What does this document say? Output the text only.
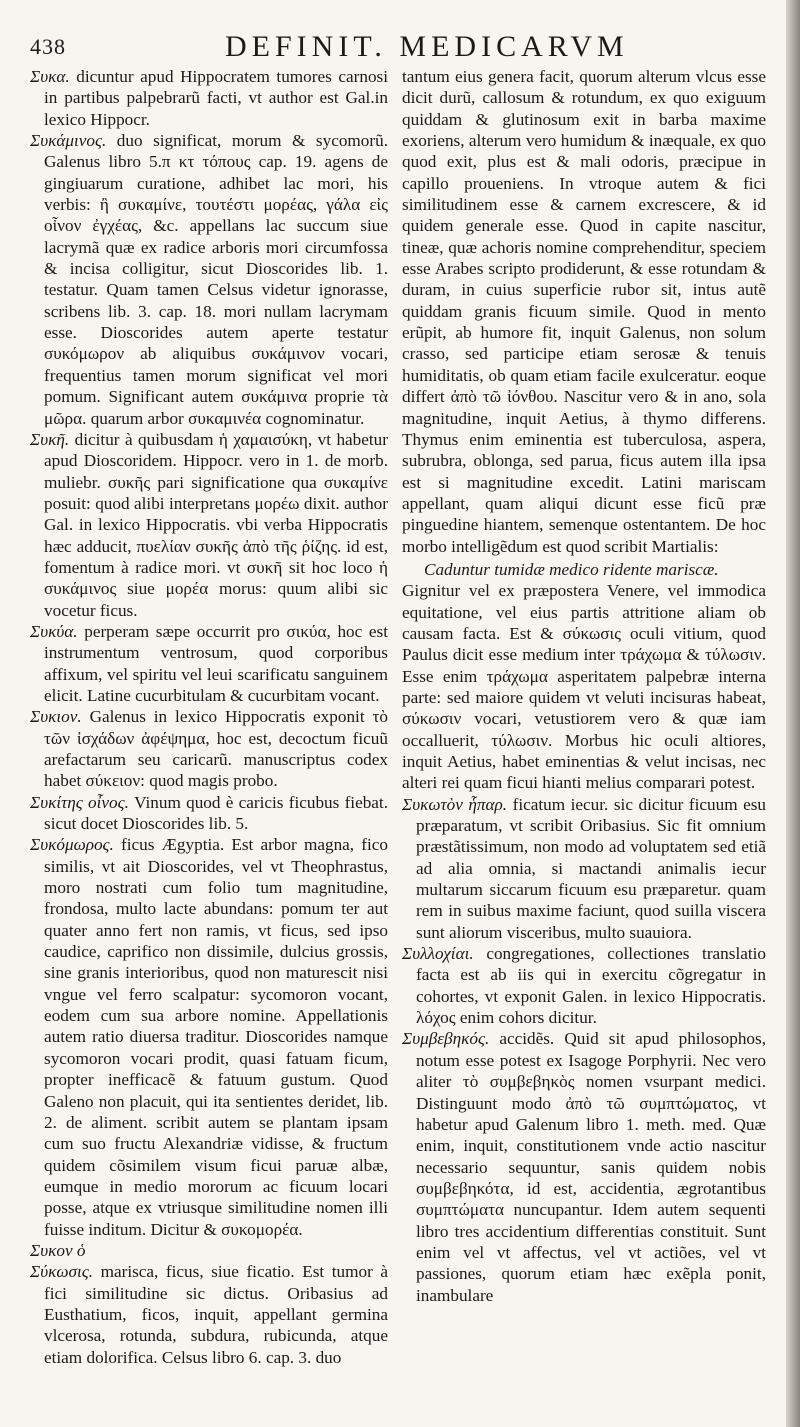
438	DEFINIT. MEDICARVM

Συκα. dicuntur apud Hippocratem tumores carnosi in partibus palpebrarũ facti, vt author est Gal.in lexico Hippocr.

Συκάμινος. duo significat, morum & sycomorũ. Galenus libro 5.π κτ τόπους cap. 19. agens de gingiuarum curatione, adhibet lac mori, his verbis: ἢ συκαμίνε, τουτέστι μορέας, γάλα εἰς οἶνον ἐγχέας, &c. appellans lac succum siue lacrymã quæ ex radice arboris mori circumfossa & incisa colligitur, sicut Dioscorides lib. 1. testatur. Quam tamen Celsus videtur ignorasse, scribens lib. 3. cap. 18. mori nullam lacrymam esse. Dioscorides autem aperte testatur συκόμωρον ab aliquibus συκάμινον vocari, frequentius tamen morum significat vel mori pomum. Significant autem συκάμινα proprie τὰ μῶρα. quarum arbor συκαμινέα cognominatur.

Συκῆ. dicitur à quibusdam ἡ χαμαισύκη, vt habetur apud Dioscoridem. Hippocr. vero in 1. de morb. muliebr. συκῆς pari significatione qua συκαμίνε posuit: quod alibi interpretans μορέω dixit. author Gal. in lexico Hippocratis. vbi verba Hippocratis hæc adducit, πυελίαν συκῆς ἀπὸ τῆς ῥίζης. id est, fomentum à radice mori. vt συκῆ sit hoc loco ἡ συκάμινος siue μορέα morus: quum alibi sic vocetur ficus.

Συκύα. perperam sæpe occurrit pro σικύα, hoc est instrumentum ventrosum, quod corporibus affixum, vel spiritu vel leui scarificatu sanguinem elicit. Latine cucurbitulam & cucurbitam vocant.

Συκιον. Galenus in lexico Hippocratis exponit τὸ τῶν ἰσχάδων ἀφέψημα, hoc est, decoctum ficuũ arefactarum seu caricarũ. manuscriptus codex habet σύκειον: quod magis probo.

Συκίτης οἶνος. Vinum quod è caricis ficubus fiebat. sicut docet Dioscorides lib. 5.

Συκόμωρος. ficus Ægyptia. Est arbor magna, fico similis, vt ait Dioscorides, vel vt Theophrastus, moro nostrati cum folio tum magnitudine, frondosa, multo lacte abundans: pomum ter aut quater anno fert non ramis, vt ficus, sed ipso caudice, caprifico non dissimile, dulcius grossis, sine granis interioribus, quod non maturescit nisi vngue vel ferro scalpatur: sycomoron vocant, eodem cum sua arbore nomine. Appellationis autem ratio diuersa traditur. Dioscorides namque sycomoron vocari prodit, quasi fatuam ficum, propter inefficacẽ & fatuum gustum. Quod Galeno non placuit, qui ita sentientes deridet, lib. 2. de aliment. scribit autem se plantam ipsam cum suo fructu Alexandriæ vidisse, & fructum quidem cõsimilem visum ficui paruæ albæ, eumque in medio mororum ac ficuum locari posse, atque ex vtriusque similitudine nomen illi fuisse inditum. Dicitur & συκομορέα.

Συκον ὁ

Σύκωσις. marisca, ficus, siue ficatio. Est tumor à fici similitudine sic dictus. Oribasius ad Eusthatium, ficos, inquit, appellant germina vlcerosa, rotunda, subdura, rubicunda, atque etiam dolorifica. Celsus libro 6. cap. 3. duo

tantum eius genera facit, quorum alterum vlcus esse dicit durũ, callosum & rotundum, ex quo exiguum quiddam & glutinosum exit in barba maxime exoriens, alterum vero humidum & inæquale, ex quo quod exit, plus est & mali odoris, præcipue in capillo proueniens. In vtroque autem & fici similitudinem esse & carnem excrescere, & id quidem generale esse. Quod in capite nascitur, tineæ, quæ achoris nomine comprehenditur, speciem esse Arabes scripto prodiderunt, & esse rotundam & duram, in cuius superficie rubor sit, intus autẽ quiddam granis ficuum simile. Quod in mento erũpit, ab humore fit, inquit Galenus, non solum crasso, sed participe etiam serosæ & tenuis humiditatis, ob quam etiam facile exulceratur. eoque differt ἀπὸ τῶ ἰόνθου. Nascitur vero & in ano, sola magnitudine, inquit Aetius, à thymo differens. Thymus enim eminentia est tuberculosa, aspera, subrubra, oblonga, sed parua, ficus autem illa ipsa est si magnitudine excedit. Latini mariscam appellant, quam aliqui dicunt esse ficũ præ pinguedine hiantem, semenque ostentantem. De hoc morbo intelligẽdum est quod scribit Martialis:

Caduntur tumidæ medico ridente mariscæ.

Gignitur vel ex præpostera Venere, vel immodica equitatione, vel eius partis attritione aliam ob causam facta. Est & σύκωσις oculi vitium, quod Paulus dicit esse medium inter τράχωμα & τύλωσιν. Esse enim τράχωμα asperitatem palpebræ interna parte: sed maiore quidem vt veluti incisuras habeat, σύκωσιν vocari, vetustiorem vero & quæ iam occalluerit, τύλωσιν. Morbus hic oculi altiores, inquit Aetius, habet eminentias & velut incisas, nec alteri rei quam ficui hianti melius comparari potest.

Συκωτὸν ἧπαρ. ficatum iecur. sic dicitur ficuum esu præparatum, vt scribit Oribasius. Sic fit omnium præstãtissimum, non modo ad voluptatem sed etiã ad alia omnia, si mactandi animalis iecur multarum siccarum ficuum esu præparetur. quam rem in suibus maxime faciunt, quod suilla viscera sunt aliorum visceribus, multo suauiora.

Συλλοχίαι. congregationes, collectiones translatio facta est ab iis qui in exercitu cõgregatur in cohortes, vt exponit Galen. in lexico Hippocratis. λόχος enim cohors dicitur.

Συμβεβηκός. accidẽs. Quid sit apud philosophos, notum esse potest ex Isagoge Porphyrii. Nec vero aliter τὸ συμβεβηκὸς nomen vsurpant medici. Distinguunt modo ἀπὸ τῶ συμπτώματος, vt habetur apud Galenum libro 1. meth. med. Quæ enim, inquit, constitutionem vnde actio nascitur necessario sequuntur, sanis quidem nobis συμβεβηκότα, id est, accidentia, ægrotantibus συμπτώματα nuncupantur. Idem autem sequenti libro tres accidentium differentias constituit. Sunt enim vel vt affectus, vel vt actiões, vel vt passiones, quorum etiam hæc exẽpla ponit, inambulare
